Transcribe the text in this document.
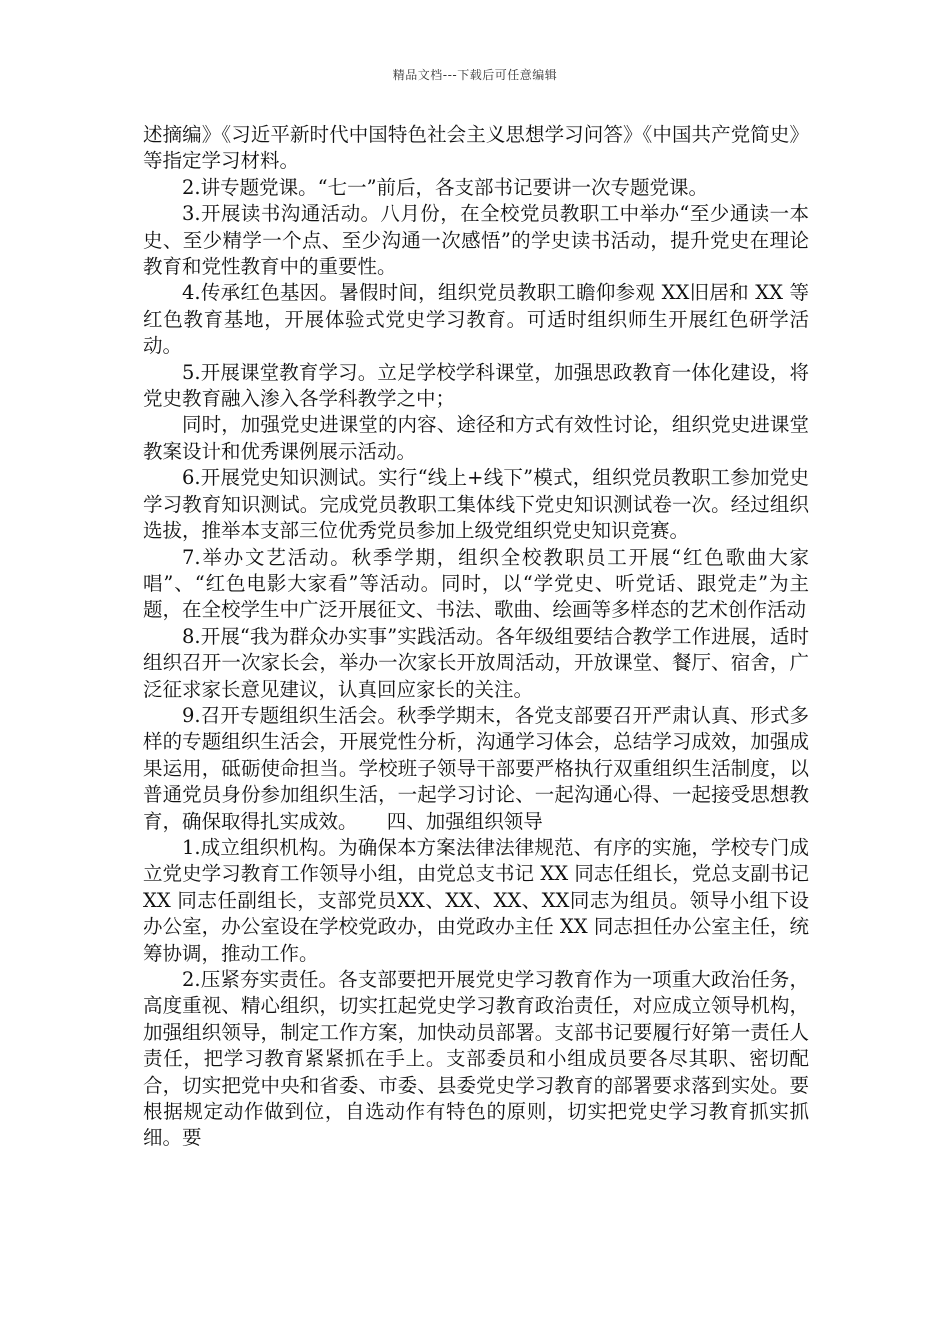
精品文档---下载后可任意编辑

述摘编》《习近平新时代中国特色社会主义思想学习问答》《中国共产党简史》等指定学习材料。

2.讲专题党课。“七一”前后，各支部书记要讲一次专题党课。

3.开展读书沟通活动。八月份，在全校党员教职工中举办“至少通读一本史、至少精学一个点、至少沟通一次感悟”的学史读书活动，提升党史在理论教育和党性教育中的重要性。

4.传承红色基因。暑假时间，组织党员教职工瞻仰参观 XX旧居和 XX 等红色教育基地，开展体验式党史学习教育。可适时组织师生开展红色研学活动。

5.开展课堂教育学习。立足学校学科课堂，加强思政教育一体化建设，将党史教育融入渗入各学科教学之中；

同时，加强党史进课堂的内容、途径和方式有效性讨论，组织党史进课堂教案设计和优秀课例展示活动。

6.开展党史知识测试。实行“线上+线下”模式，组织党员教职工参加党史学习教育知识测试。完成党员教职工集体线下党史知识测试卷一次。经过组织选拔，推举本支部三位优秀党员参加上级党组织党史知识竞赛。

7.举办文艺活动。秋季学期，组织全校教职员工开展“红色歌曲大家唱”、“红色电影大家看”等活动。同时，以“学党史、听党话、跟党走”为主题，在全校学生中广泛开展征文、书法、歌曲、绘画等多样态的艺术创作活动

8.开展“我为群众办实事”实践活动。各年级组要结合教学工作进展，适时组织召开一次家长会，举办一次家长开放周活动，开放课堂、餐厅、宿舍，广泛征求家长意见建议，认真回应家长的关注。

9.召开专题组织生活会。秋季学期末，各党支部要召开严肃认真、形式多样的专题组织生活会，开展党性分析，沟通学习体会，总结学习成效，加强成果运用，砥砺使命担当。学校班子领导干部要严格执行双重组织生活制度，以普通党员身份参加组织生活，一起学习讨论、一起沟通心得、一起接受思想教育，确保取得扎实成效。　　四、加强组织领导

1.成立组织机构。为确保本方案法律法律规范、有序的实施，学校专门成立党史学习教育工作领导小组，由党总支书记 XX 同志任组长，党总支副书记 XX 同志任副组长，支部党员XX、XX、XX、XX同志为组员。领导小组下设办公室，办公室设在学校党政办，由党政办主任 XX 同志担任办公室主任，统筹协调，推动工作。

2.压紧夯实责任。各支部要把开展党史学习教育作为一项重大政治任务，高度重视、精心组织，切实扛起党史学习教育政治责任，对应成立领导机构，加强组织领导，制定工作方案，加快动员部署。支部书记要履行好第一责任人责任，把学习教育紧紧抓在手上。支部委员和小组成员要各尽其职、密切配合，切实把党中央和省委、市委、县委党史学习教育的部署要求落到实处。要根据规定动作做到位，自选动作有特色的原则，切实把党史学习教育抓实抓细。要
